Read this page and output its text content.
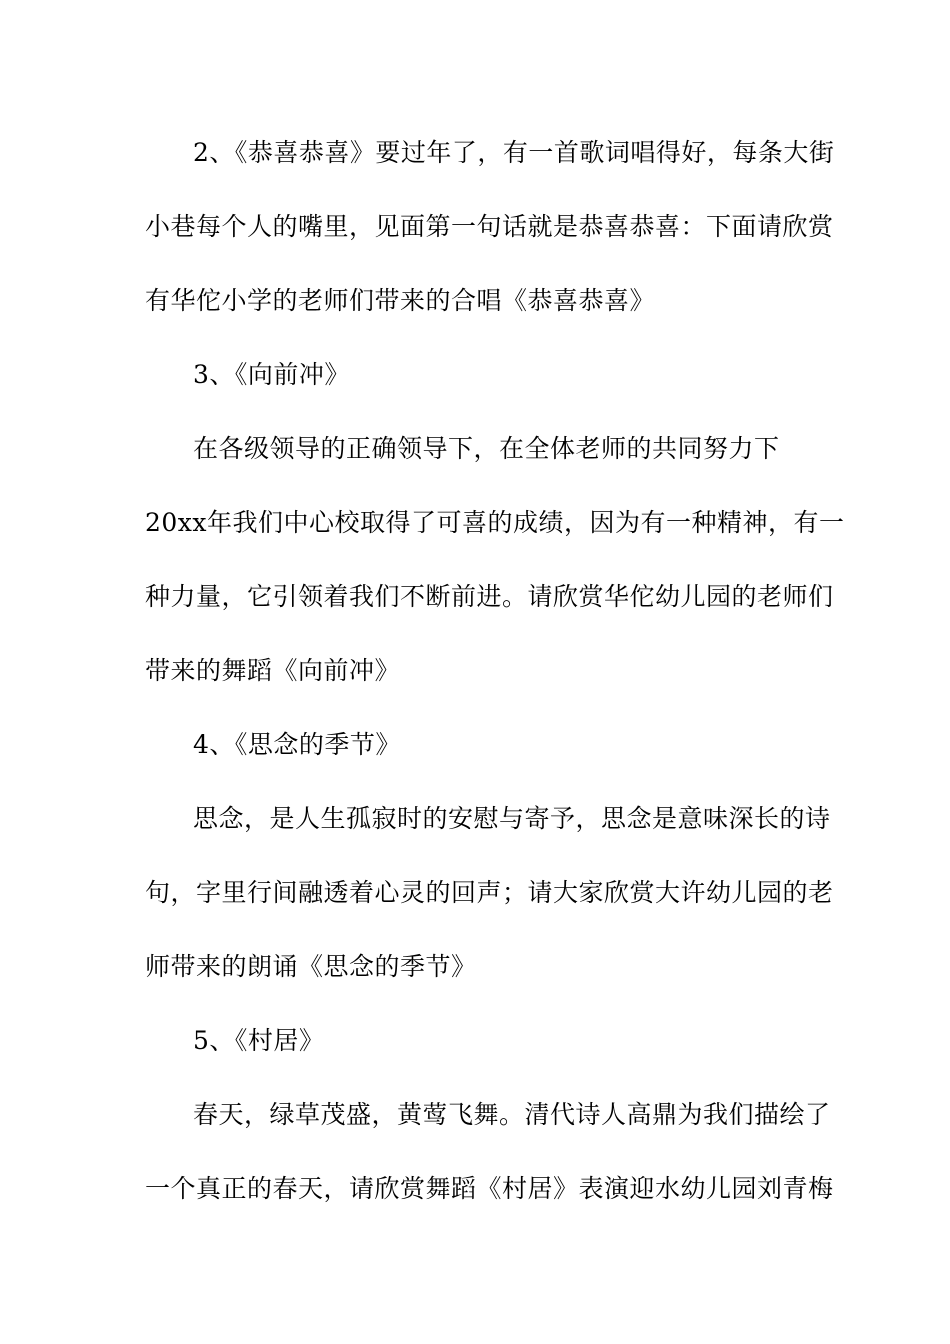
2、《恭喜恭喜》要过年了，有一首歌词唱得好，每条大街
小巷每个人的嘴里，见面第一句话就是恭喜恭喜：下面请欣赏
有华佗小学的老师们带来的合唱《恭喜恭喜》
3、《向前冲》
在各级领导的正确领导下，在全体老师的共同努力下
20xx年我们中心校取得了可喜的成绩，因为有一种精神，有一
种力量，它引领着我们不断前进。请欣赏华佗幼儿园的老师们
带来的舞蹈《向前冲》
4、《思念的季节》
思念，是人生孤寂时的安慰与寄予，思念是意味深长的诗
句，字里行间融透着心灵的回声；请大家欣赏大许幼儿园的老
师带来的朗诵《思念的季节》
5、《村居》
春天，绿草茂盛，黄莺飞舞。清代诗人高鼎为我们描绘了
一个真正的春天，请欣赏舞蹈《村居》表演迎水幼儿园刘青梅
